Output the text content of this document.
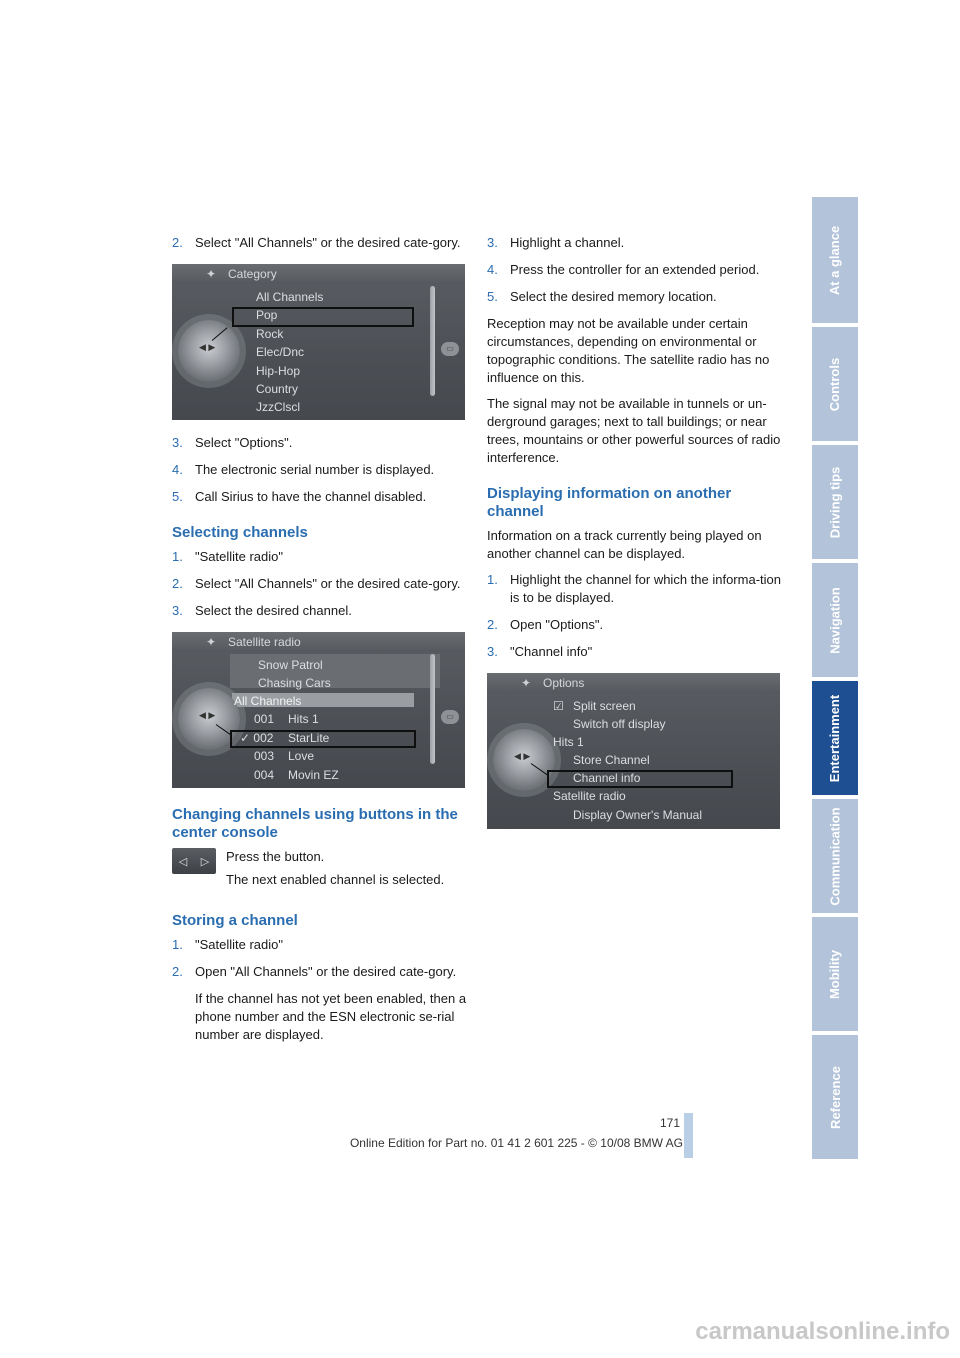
2. Select "All Channels" or the desired cate-gory.
Category
✦
◀ ▶	▭
All Channels
Pop
Rock
Elec/Dnc
Hip-Hop
Country
JzzClscl
3. Select "Options".
4. The electronic serial number is displayed.
5. Call Sirius to have the channel disabled.
Selecting channels
1. "Satellite radio"
2. Select "All Channels" or the desired cate-gory.
3. Select the desired channel.
Satellite radio
✦
◀ ▶	▭
Snow Patrol
Chasing Cars
All Channels
001 Hits 1
✓ 002 StarLite
003 Love
004 Movin EZ
Changing channels using buttons in the center console
◁ ▷ Press the button.

The next enabled channel is selected.

Storing a channel
1. "Satellite radio"
2. Open "All Channels" or the desired cate-gory.

If the channel has not yet been enabled, then a phone number and the ESN electronic se-rial number are displayed.

3. Highlight a channel.
4. Press the controller for an extended period.
5. Select the desired memory location.

Reception may not be available under certain circumstances, depending on environmental or topographic conditions. The satellite radio has no influence on this.

The signal may not be available in tunnels or un-derground garages; next to tall buildings; or near trees, mountains or other powerful sources of radio interference.

Displaying information on another channel

Information on a track currently being played on another channel can be displayed.

1. Highlight the channel for which the informa-tion is to be displayed.
2. Open "Options".
3. "Channel info"
Options
✦
◀ ▶
☑ Split screen
Switch off display
Hits 1
Store Channel
Channel info
Satellite radio
Display Owner's Manual
At a glance
Controls
Driving tips
Navigation
Entertainment
Communication
Mobility
Reference
171
Online Edition for Part no. 01 41 2 601 225 - © 10/08 BMW AG
carmanualsonline.info
